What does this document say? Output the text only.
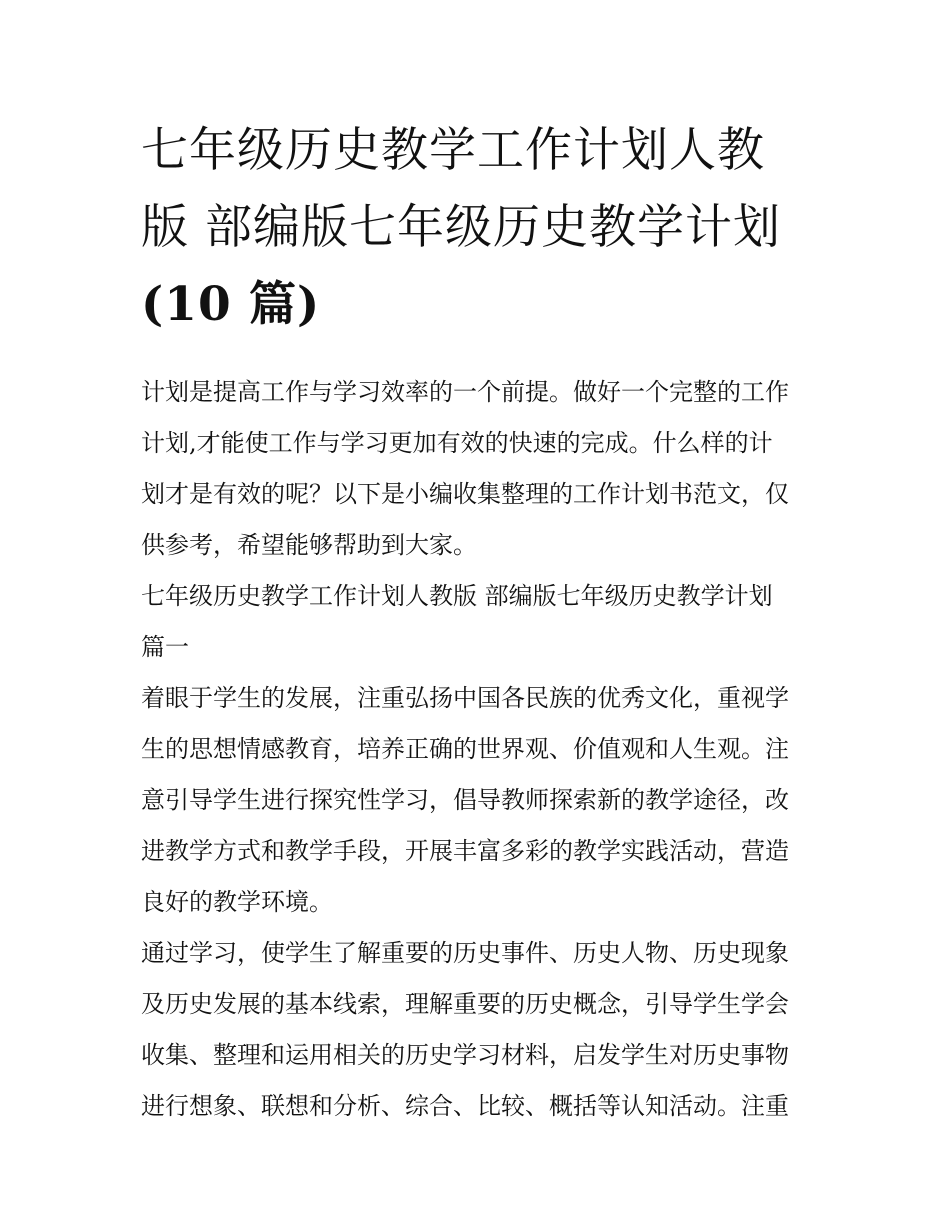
七年级历史教学工作计划人教
版 部编版七年级历史教学计划
(10 篇)
计划是提高工作与学习效率的一个前提。做好一个完整的工作
计划,才能使工作与学习更加有效的快速的完成。什么样的计
划才是有效的呢？以下是小编收集整理的工作计划书范文，仅
供参考，希望能够帮助到大家。
七年级历史教学工作计划人教版 部编版七年级历史教学计划
篇一
着眼于学生的发展，注重弘扬中国各民族的优秀文化，重视学
生的思想情感教育，培养正确的世界观、价值观和人生观。注
意引导学生进行探究性学习，倡导教师探索新的教学途径，改
进教学方式和教学手段，开展丰富多彩的教学实践活动，营造
良好的教学环境。
通过学习，使学生了解重要的历史事件、历史人物、历史现象
及历史发展的基本线索，理解重要的历史概念，引导学生学会
收集、整理和运用相关的历史学习材料，启发学生对历史事物
进行想象、联想和分析、综合、比较、概括等认知活动。注重
